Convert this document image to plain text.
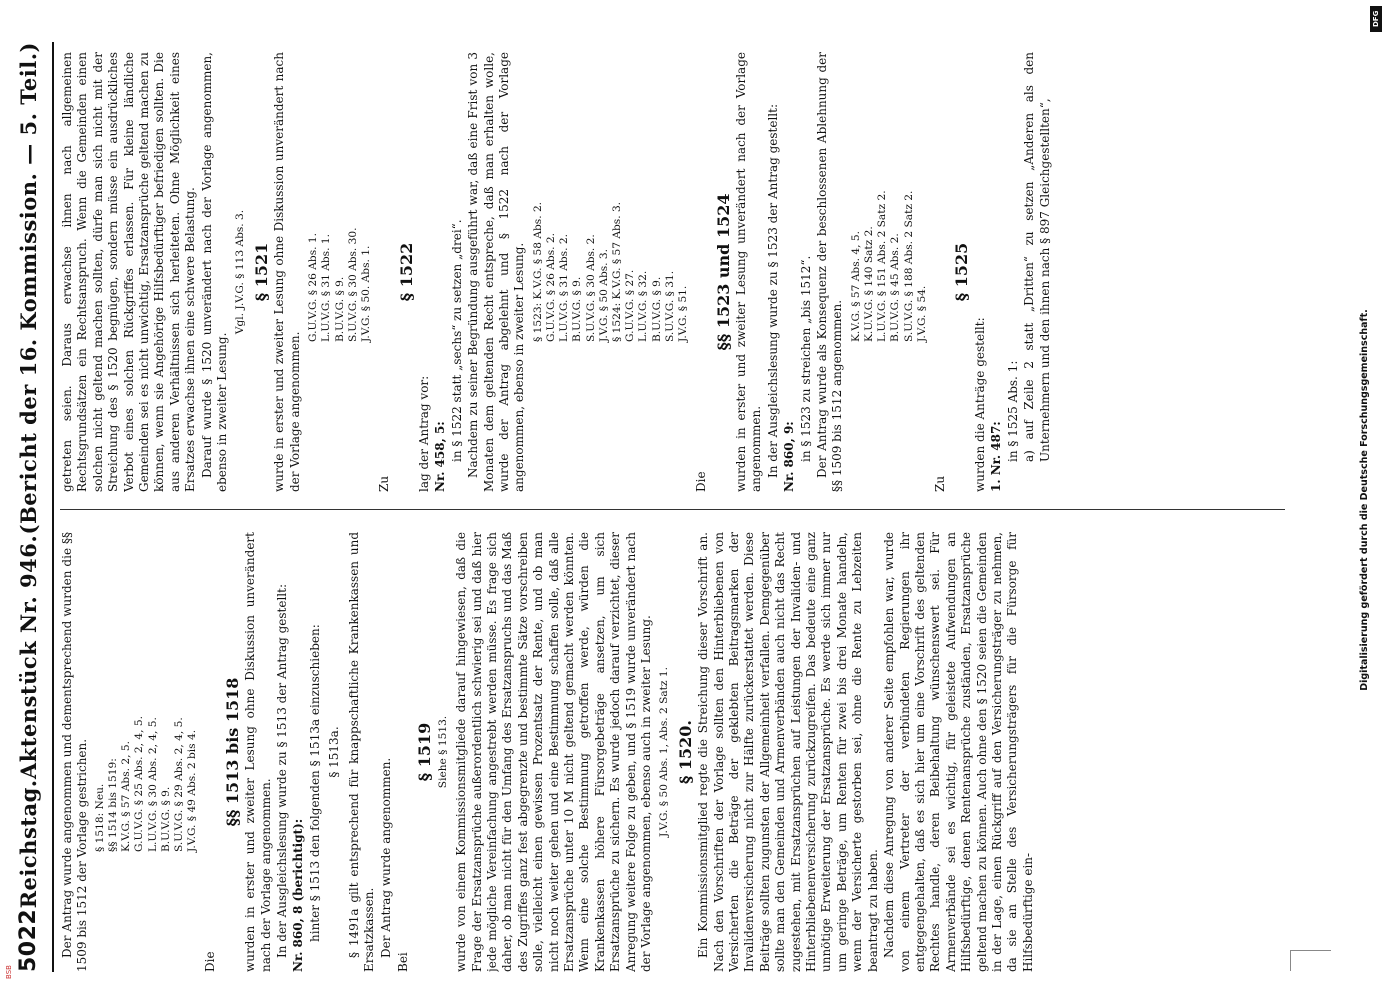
5022
Reichstag.
Aktenstück Nr. 946.
(Bericht der 16. Kommission. — 5. Teil.)

Der Antrag wurde angenommen und dementsprechend wurden die §§ 1509 bis 1512 der Vorlage gestrichen. § 1518: Neu. §§ 1514 bis 1519: K.V.G. § 57 Abs. 2, 5. G.U.V.G. § 25 Abs. 2, 4, 5. L.U.V.G. § 30 Abs. 2, 4, 5. B.U.V.G. § 9. S.U.V.G. § 29 Abs. 2, 4, 5. J.V.G. § 49 Abs. 2 bis 4.

Die

§§ 1513 bis 1518 wurden in erster und zweiter Lesung ohne Diskussion unverändert nach der Vorlage angenommen. In der Ausgleichslesung wurde zu § 1513 der Antrag gestellt: Nr. 860, 8 (berichtigt): hinter § 1513 den folgenden § 1513a einzuschieben: § 1513a. § 1491a gilt entsprechend für knappschaftliche Krankenkassen und Ersatzkassen. Der Antrag wurde angenommen.

Bei

§ 1519 Siehe § 1513. wurde von einem Kommissionsmitgliede darauf hingewiesen, daß die Frage der Ersatzansprüche außerordentlich schwierig sei und daß hier jede mögliche Vereinfachung angestrebt werden müsse. Es frage sich daher, ob man nicht für den Umfang des Ersatzanspruchs und das Maß des Zugriffes ganz fest abgegrenzte und bestimmte Sätze vorschreiben solle, vielleicht einen gewissen Prozentsatz der Rente, und ob man nicht noch weiter gehen und eine Bestimmung schaffen solle, daß alle Ersatzansprüche unter 10 M nicht geltend gemacht werden könnten. Wenn eine solche Bestimmung getroffen werde, würden die Krankenkassen höhere Fürsorgebeträge ansetzen, um sich Ersatzansprüche zu sichern. Es wurde jedoch darauf verzichtet, dieser Anregung weitere Folge zu geben, und § 1519 wurde unverändert nach der Vorlage angenommen, ebenso auch in zweiter Lesung. J.V.G. § 50 Abs. 1, Abs. 2 Satz 1. § 1520. Ein Kommissionsmitglied regte die Streichung dieser Vorschrift an. Nach den Vorschriften der Vorlage sollten den Hinterbliebenen von Versicherten die Beträge der geklebten Beitragsmarken der Invalidenversicherung nicht zur Hälfte zurückerstattet werden. Diese Beiträge sollten zugunsten der Allgemeinheit verfallen. Demgegenüber sollte man den Gemeinden und Armenverbänden auch nicht das Recht zugestehen, mit Ersatzansprüchen auf Leistungen der Invaliden- und Hinterbliebenenversicherung zurückzugreifen. Das bedeute eine ganz unnötige Erweiterung der Ersatzansprüche. Es werde sich immer nur um geringe Beträge, um Renten für zwei bis drei Monate handeln, wenn der Versicherte gestorben sei, ohne die Rente zu Lebzeiten beantragt zu haben. Nachdem diese Anregung von anderer Seite empfohlen war, wurde von einem Vertreter der verbündeten Regierungen ihr entgegengehalten, daß es sich hier um eine Vorschrift des geltenden Rechtes handle, deren Beibehaltung wünschenswert sei. Für Armenverbände sei es wichtig, für geleistete Aufwendungen an Hilfsbedürftige, denen Rentenansprüche zuständen, Ersatzansprüche geltend machen zu können. Auch ohne den § 1520 seien die Gemeinden in der Lage, einen Rückgriff auf den Versicherungsträger zu nehmen, da sie an Stelle des Versicherungsträgers für die Fürsorge für Hilfsbedürftige ein-

getreten seien. Daraus erwachse ihnen nach allgemeinen Rechtsgrundsätzen ein Rechtsanspruch. Wenn die Gemeinden einen solchen nicht geltend machen sollten, dürfe man sich nicht mit der Streichung des § 1520 begnügen, sondern müsse ein ausdrückliches Verbot eines solchen Rückgriffes erlassen. Für kleine ländliche Gemeinden sei es nicht unwichtig, Ersatzansprüche geltend machen zu können, wenn sie Angehörige Hilfsbedürftiger befriedigen sollten. Die aus anderen Verhältnissen sich herleiteten. Ohne Möglichkeit eines Ersatzes erwachse ihnen eine schwere Belastung. Darauf wurde § 1520 unverändert nach der Vorlage angenommen, ebenso in zweiter Lesung.

Vgl. J.V.G. § 113 Abs. 3. § 1521 wurde in erster und zweiter Lesung ohne Diskussion unverändert nach der Vorlage angenommen.

G.U.V.G. § 26 Abs. 1. L.U.V.G. § 31 Abs. 1. B.U.V.G. § 9. S.U.V.G. § 30 Abs. 30. J.V.G. § 50. Abs. 1.

Zu

§ 1522

lag der Antrag vor: Nr. 458, 5: in § 1522 statt „sechs“ zu setzen „drei“. Nachdem zu seiner Begründung ausgeführt war, daß eine Frist von 3 Monaten dem geltenden Recht entspreche, daß man erhalten wolle, wurde der Antrag abgelehnt und § 1522 nach der Vorlage angenommen, ebenso in zweiter Lesung. § 1523: K.V.G. § 58 Abs. 2. G.U.V.G. § 26 Abs. 2. L.U.V.G. § 31 Abs. 2. B.U.V.G. § 9. S.U.V.G. § 30 Abs. 2. J.V.G. § 50 Abs. 3. § 1524: K.V.G. § 57 Abs. 3. G.U.V.G. § 27. L.U.V.G. § 32. B.U.V.G. § 9. S.U.V.G. § 31. J.V.G. § 51.

Die

§§ 1523 und 1524 wurden in erster und zweiter Lesung unverändert nach der Vorlage angenommen. In der Ausgleichslesung wurde zu § 1523 der Antrag gestellt: Nr. 860, 9: in § 1523 zu streichen „bis 1512“. Der Antrag wurde als Konsequenz der beschlossenen Ablehnung der §§ 1509 bis 1512 angenommen.

K.V.G. § 57 Abs. 4, 5. K.U.V.G. § 140 Satz 2. L.U.V.G. § 151 Abs. 2 Satz 2. B.U.V.G. § 45 Abs. 2. S.U.V.G. § 188 Abs. 2 Satz 2. J.V.G. § 54.

Zu

§ 1525

wurden die Anträge gestellt: 1. Nr. 487: in § 1525 Abs. 1: a) auf Zeile 2 statt „Dritten“ zu setzen „Anderen als den Unternehmern und den ihnen nach § 897 Gleichgestellten“,

Digitalisierung gefördert durch die Deutsche Forschungsgemeinschaft.
DFG
BSB
